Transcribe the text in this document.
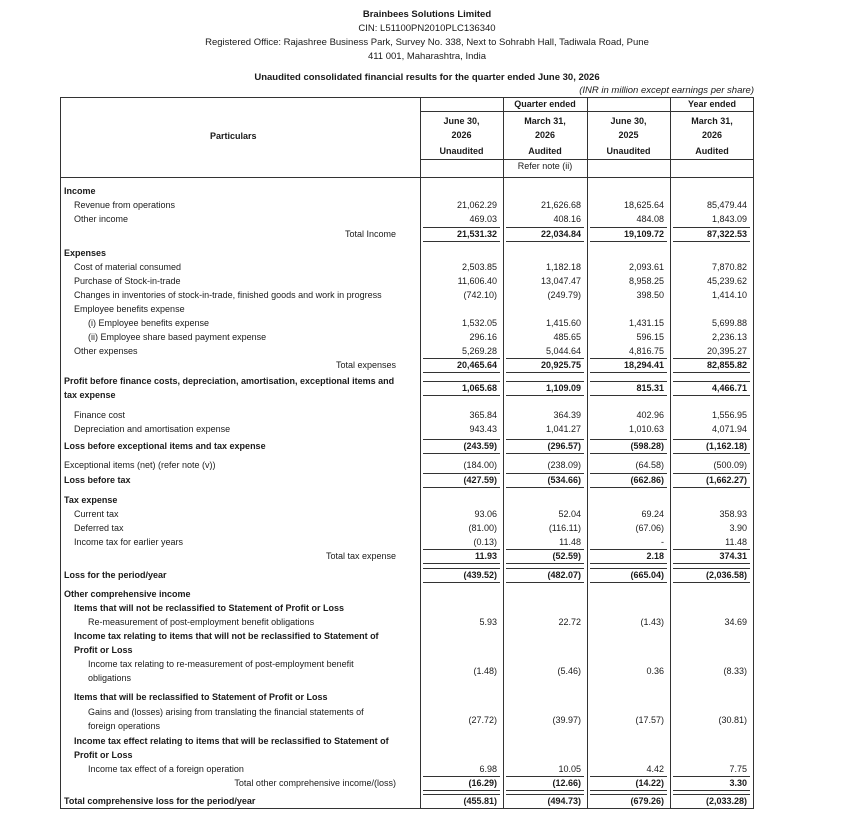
Brainbees Solutions Limited
CIN: L51100PN2010PLC136340
Registered Office: Rajashree Business Park, Survey No. 338, Next to Sohrabh Hall, Tadiwala Road, Pune
411 001, Maharashtra, India
Unaudited consolidated financial results for the quarter ended June 30, 2026
(INR in million except earnings per share)
Particulars
Quarter ended	Year ended
June 30,
2026
Unaudited
March 31,
2026
Audited
Refer note (ii)
June 30,
2025
Unaudited
March 31,
2026
Audited
Income
Revenue from operations	21,062.29	21,626.68	18,625.64	85,479.44
Other income	469.03	408.16	484.08	1,843.09
Total Income	21,531.32	22,034.84	19,109.72	87,322.53
Expenses
Cost of material consumed	2,503.85	1,182.18	2,093.61	7,870.82
Purchase of Stock-in-trade	11,606.40	13,047.47	8,958.25	45,239.62
Changes in inventories of stock-in-trade, finished goods and work in progress	(742.10)	(249.79)	398.50	1,414.10
Employee benefits expense
(i) Employee benefits expense	1,532.05	1,415.60	1,431.15	5,699.88
(ii) Employee share based payment expense	296.16	485.65	596.15	2,236.13
Other expenses	5,269.28	5,044.64	4,816.75	20,395.27
Total expenses	20,465.64	20,925.75	18,294.41	82,855.82
Profit before finance costs, depreciation, amortisation, exceptional items and
tax expense
1,065.68	1,109.09	815.31	4,466.71
Finance cost	365.84	364.39	402.96	1,556.95
Depreciation and amortisation expense	943.43	1,041.27	1,010.63	4,071.94
Loss before exceptional items and tax expense	(243.59)	(296.57)	(598.28)	(1,162.18)
Exceptional items (net) (refer note (v))	(184.00)	(238.09)	(64.58)	(500.09)
Loss before tax	(427.59)	(534.66)	(662.86)	(1,662.27)
Tax expense
Current tax	93.06	52.04	69.24	358.93
Deferred tax	(81.00)	(116.11)	(67.06)	3.90
Income tax for earlier years	(0.13)	11.48	-	11.48
Total tax expense	11.93	(52.59)	2.18	374.31
Loss for the period/year	(439.52)	(482.07)	(665.04)	(2,036.58)
Other comprehensive income
Items that will not be reclassified to Statement of Profit or Loss
Re-measurement of post-employment benefit obligations	5.93	22.72	(1.43)	34.69
Income tax relating to items that will not be reclassified to Statement of
Profit or Loss
Income tax relating to re-measurement of post-employment benefit
obligations
(1.48)	(5.46)	0.36	(8.33)
Items that will be reclassified to Statement of Profit or Loss
Gains and (losses) arising from translating the financial statements of
foreign operations
(27.72)	(39.97)	(17.57)	(30.81)
Income tax effect relating to items that will be reclassified to Statement of
Profit or Loss
Income tax effect of a foreign operation	6.98	10.05	4.42	7.75
Total other comprehensive income/(loss)	(16.29)	(12.66)	(14.22)	3.30
Total comprehensive loss for the period/year	(455.81)	(494.73)	(679.26)	(2,033.28)
